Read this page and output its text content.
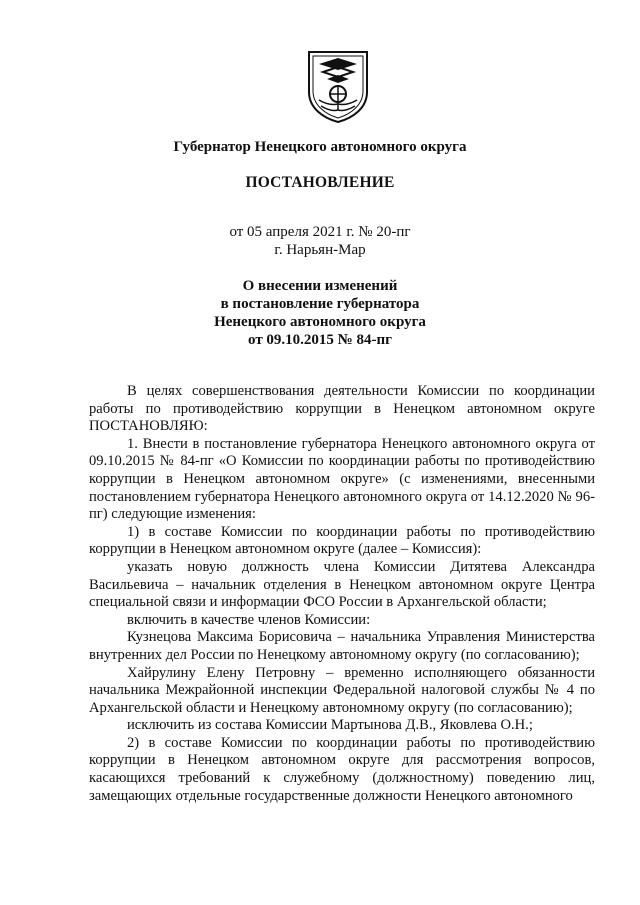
Губернатор Ненецкого автономного округа
ПОСТАНОВЛЕНИЕ
от 05 апреля 2021 г. № 20-пг
г. Нарьян-Мар
О внесении изменений
в постановление губернатора
Ненецкого автономного округа
от 09.10.2015 № 84-пг

В целях совершенствования деятельности Комиссии по координации работы по противодействию коррупции в Ненецком автономном округе ПОСТАНОВЛЯЮ:

1. Внести в постановление губернатора Ненецкого автономного округа от 09.10.2015 № 84-пг «О Комиссии по координации работы по противодействию коррупции в Ненецком автономном округе» (с изменениями, внесенными постановлением губернатора Ненецкого автономного округа от 14.12.2020 № 96-пг) следующие изменения:

1) в составе Комиссии по координации работы по противодействию коррупции в Ненецком автономном округе (далее – Комиссия):

указать новую должность члена Комиссии Дитятева Александра Васильевича – начальник отделения в Ненецком автономном округе Центра специальной связи и информации ФСО России в Архангельской области;

включить в качестве членов Комиссии:

Кузнецова Максима Борисовича – начальника Управления Министерства внутренних дел России по Ненецкому автономному округу (по согласованию);

Хайрулину Елену Петровну – временно исполняющего обязанности начальника Межрайонной инспекции Федеральной налоговой службы № 4 по Архангельской области и Ненецкому автономному округу (по согласованию);

исключить из состава Комиссии Мартынова Д.В., Яковлева О.Н.;

2) в составе Комиссии по координации работы по противодействию коррупции в Ненецком автономном округе для рассмотрения вопросов, касающихся требований к служебному (должностному) поведению лиц, замещающих отдельные государственные должности Ненецкого автономного
